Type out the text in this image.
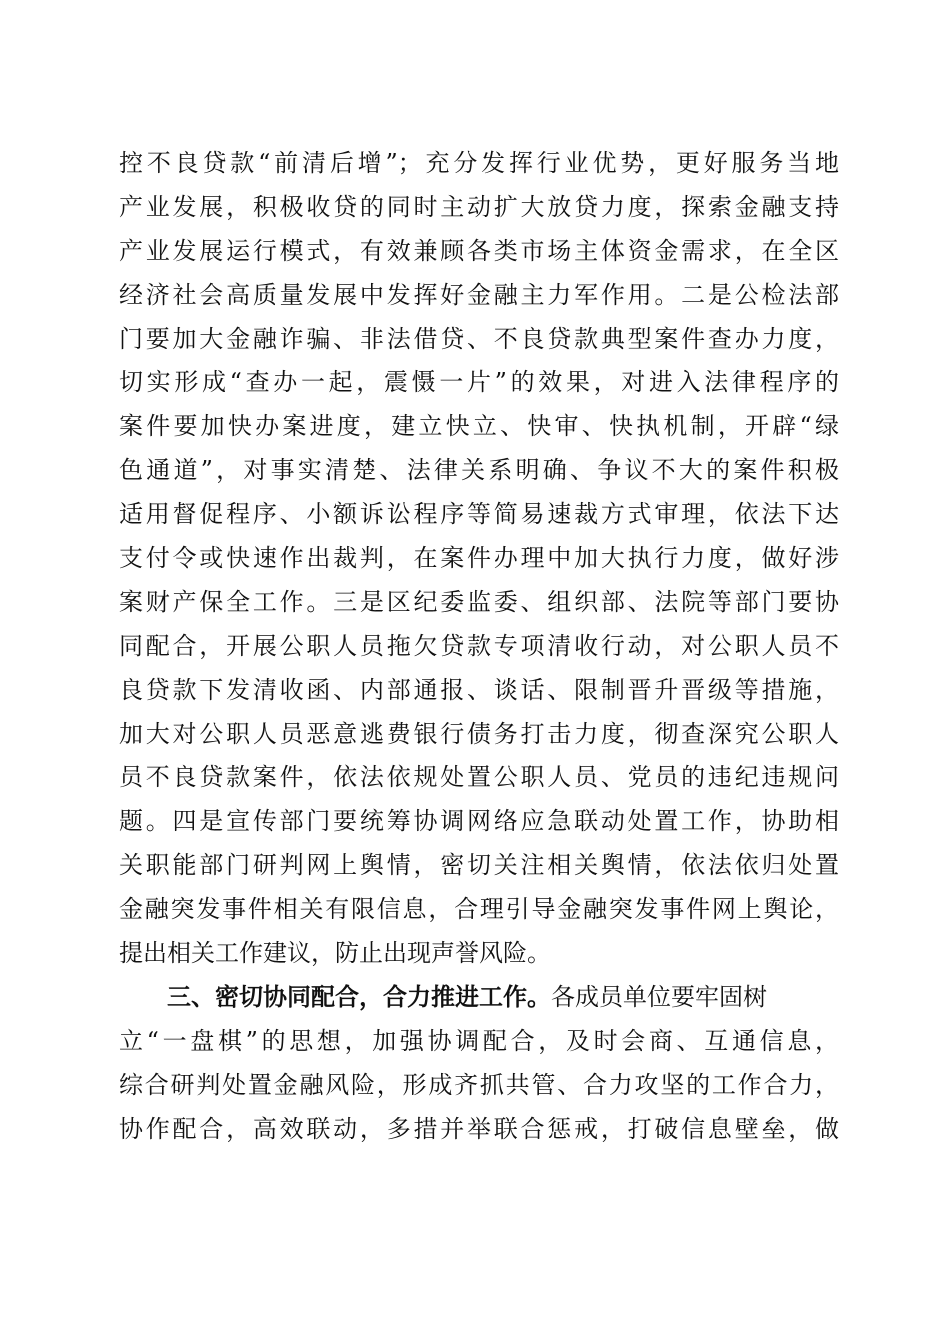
控不良贷款“前清后增”；充分发挥行业优势，更好服务当地
产业发展，积极收贷的同时主动扩大放贷力度，探索金融支持
产业发展运行模式，有效兼顾各类市场主体资金需求，在全区
经济社会高质量发展中发挥好金融主力军作用。二是公检法部
门要加大金融诈骗、非法借贷、不良贷款典型案件查办力度，
切实形成“查办一起，震慑一片”的效果，对进入法律程序的
案件要加快办案进度，建立快立、快审、快执机制，开辟“绿
色通道”，对事实清楚、法律关系明确、争议不大的案件积极
适用督促程序、小额诉讼程序等简易速裁方式审理，依法下达
支付令或快速作出裁判，在案件办理中加大执行力度，做好涉
案财产保全工作。三是区纪委监委、组织部、法院等部门要协
同配合，开展公职人员拖欠贷款专项清收行动，对公职人员不
良贷款下发清收函、内部通报、谈话、限制晋升晋级等措施，
加大对公职人员恶意逃费银行债务打击力度，彻查深究公职人
员不良贷款案件，依法依规处置公职人员、党员的违纪违规问
题。四是宣传部门要统筹协调网络应急联动处置工作，协助相
关职能部门研判网上舆情，密切关注相关舆情，依法依归处置
金融突发事件相关有限信息，合理引导金融突发事件网上舆论，
提出相关工作建议，防止出现声誉风险。
三、密切协同配合，合力推进工作。各成员单位要牢固树
立“一盘棋”的思想，加强协调配合，及时会商、互通信息，
综合研判处置金融风险，形成齐抓共管、合力攻坚的工作合力，
协作配合，高效联动，多措并举联合惩戒，打破信息壁垒，做
